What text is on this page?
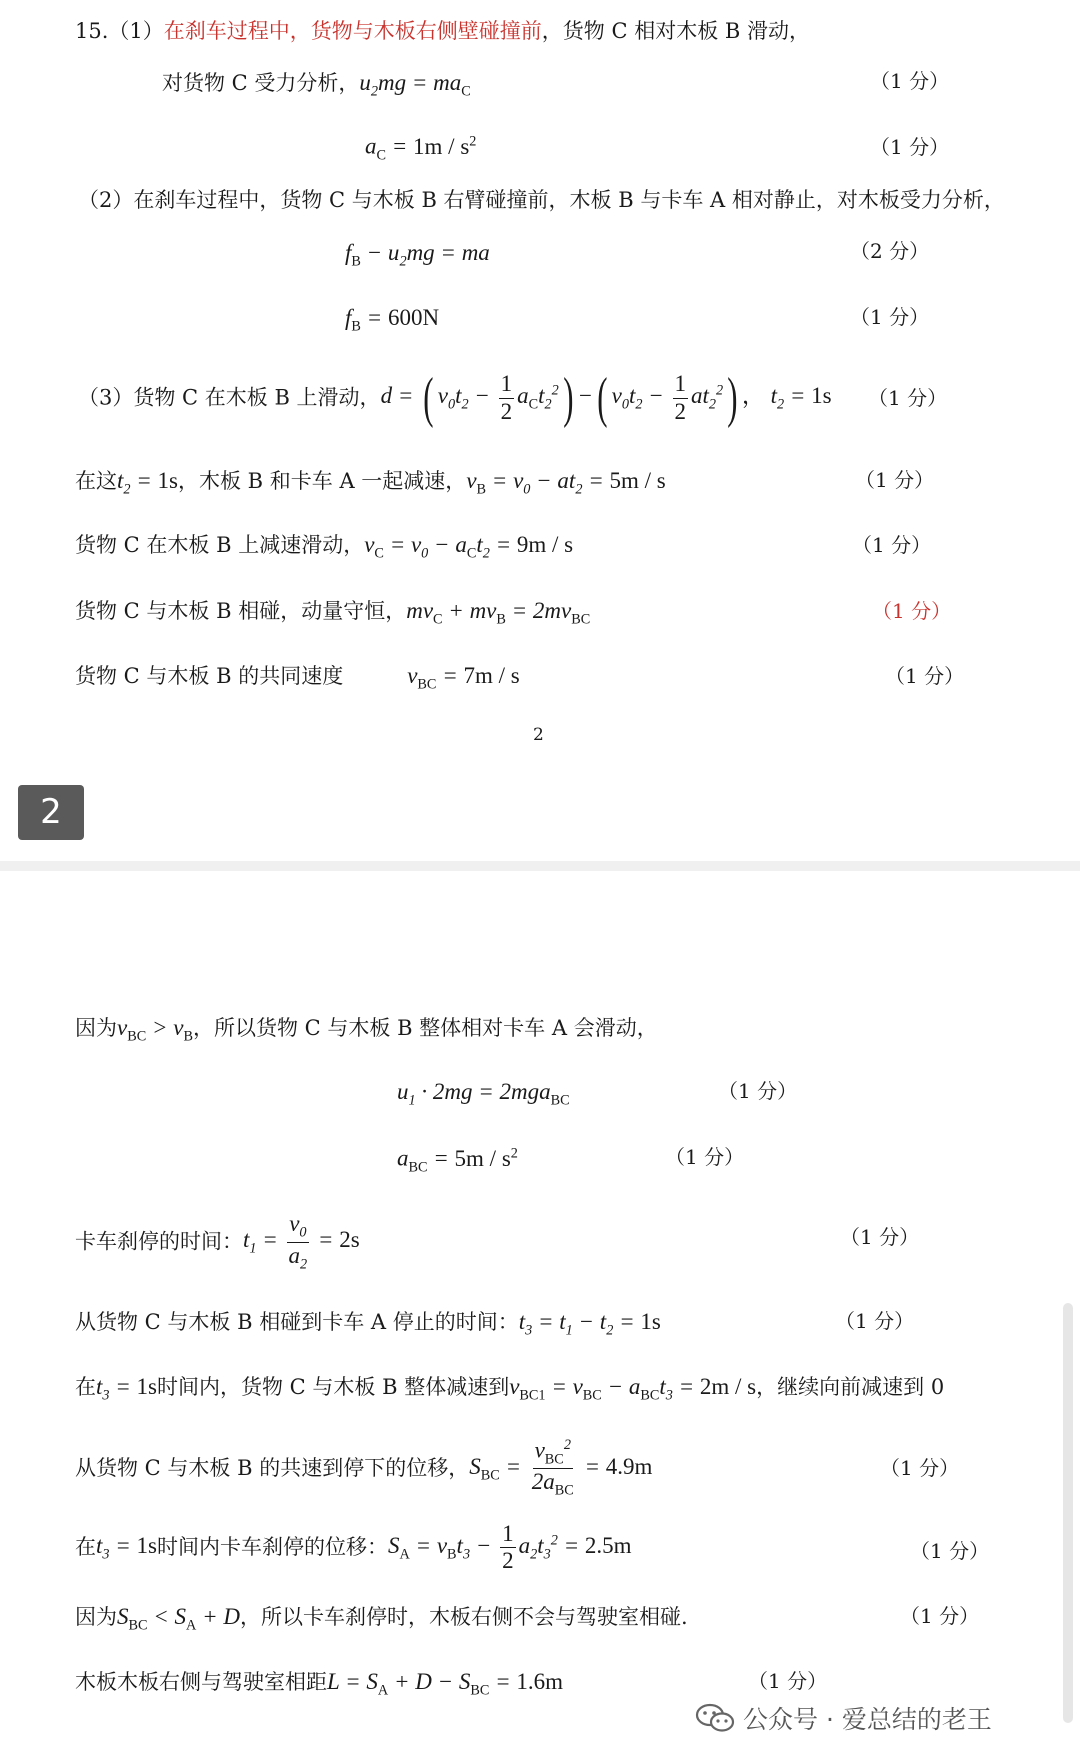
15.（1）在刹车过程中，货物与木板右侧壁碰撞前，货物 C 相对木板 B 滑动，
对货物 C 受力分析，$u_2mg = ma_C$	（1 分）
$a_C = 1m / s^2$	（1 分）
（2）在刹车过程中，货物 C 与木板 B 右臂碰撞前，木板 B 与卡车 A 相对静止，对木板受力分析，
$f_B - u_2mg$ = ma	（2 分）
$f_B = 600N$	（1 分）
（3）货物 C 在木板 B 上滑动，d = ( $v_0t_2 - \frac{1}{2} a_Ct_2^2$) −( $v_0t_2 - \frac{1}{2} at_2^2$) ， $t_2 = 1s$ （1 分）
在这$t_2 = 1s$，木板 B 和卡车 A 一起减速，$v_B = v_0 - at_2 = 5m / s$	（1 分）
货物 C 在木板 B 上减速滑动，$v_C = v_0 - a_Ct_2 = 9m / s$	（1 分）
货物 C 与木板 B 相碰，动量守恒，$mv_C + mv_B = 2mv_{BC}$	（1 分）
货物 C 与木板 B 的共同速度	$v_{BC} = 7m / s$	（1 分）
2
2
因为$v_{BC} > v_B$，所以货物 C 与木板 B 整体相对卡车 A 会滑动，
$u_1 \cdot 2mg = 2mga_{BC}$	（1 分）
$a_{BC} = 5m / s^2$	（1 分）
卡车刹停的时间：$t_1 = \frac{v_0}{a_2} = 2s$	（1 分）
从货物 C 与木板 B 相碰到卡车 A 停止的时间：$t_3 = t_1 - t_2 = 1s$	（1 分）
在$t_3 = 1s$时间内，货物 C 与木板 B 整体减速到$v_{BC1} = v_{BC} - a_{BC}t_3 = 2m / s$，继续向前减速到 0
从货物 C 与木板 B 的共速到停下的位移，$S_{BC} = \frac{v_{BC}^2}{2a_{BC}} = 4.9m$	（1 分）
在$t_3 = 1s$时间内卡车刹停的位移：$S_A = v_Bt_3 - \frac{1}{2} a_2t_3^2 = 2.5m$	（1 分）
因为$S_{BC} < S_A + D$，所以卡车刹停时，木板右侧不会与驾驶室相碰.	（1 分）
木板木板右侧与驾驶室相距$L = S_A + D - S_{BC} = 1.6m$	（1 分）
公众号 · 爱总结的老王
